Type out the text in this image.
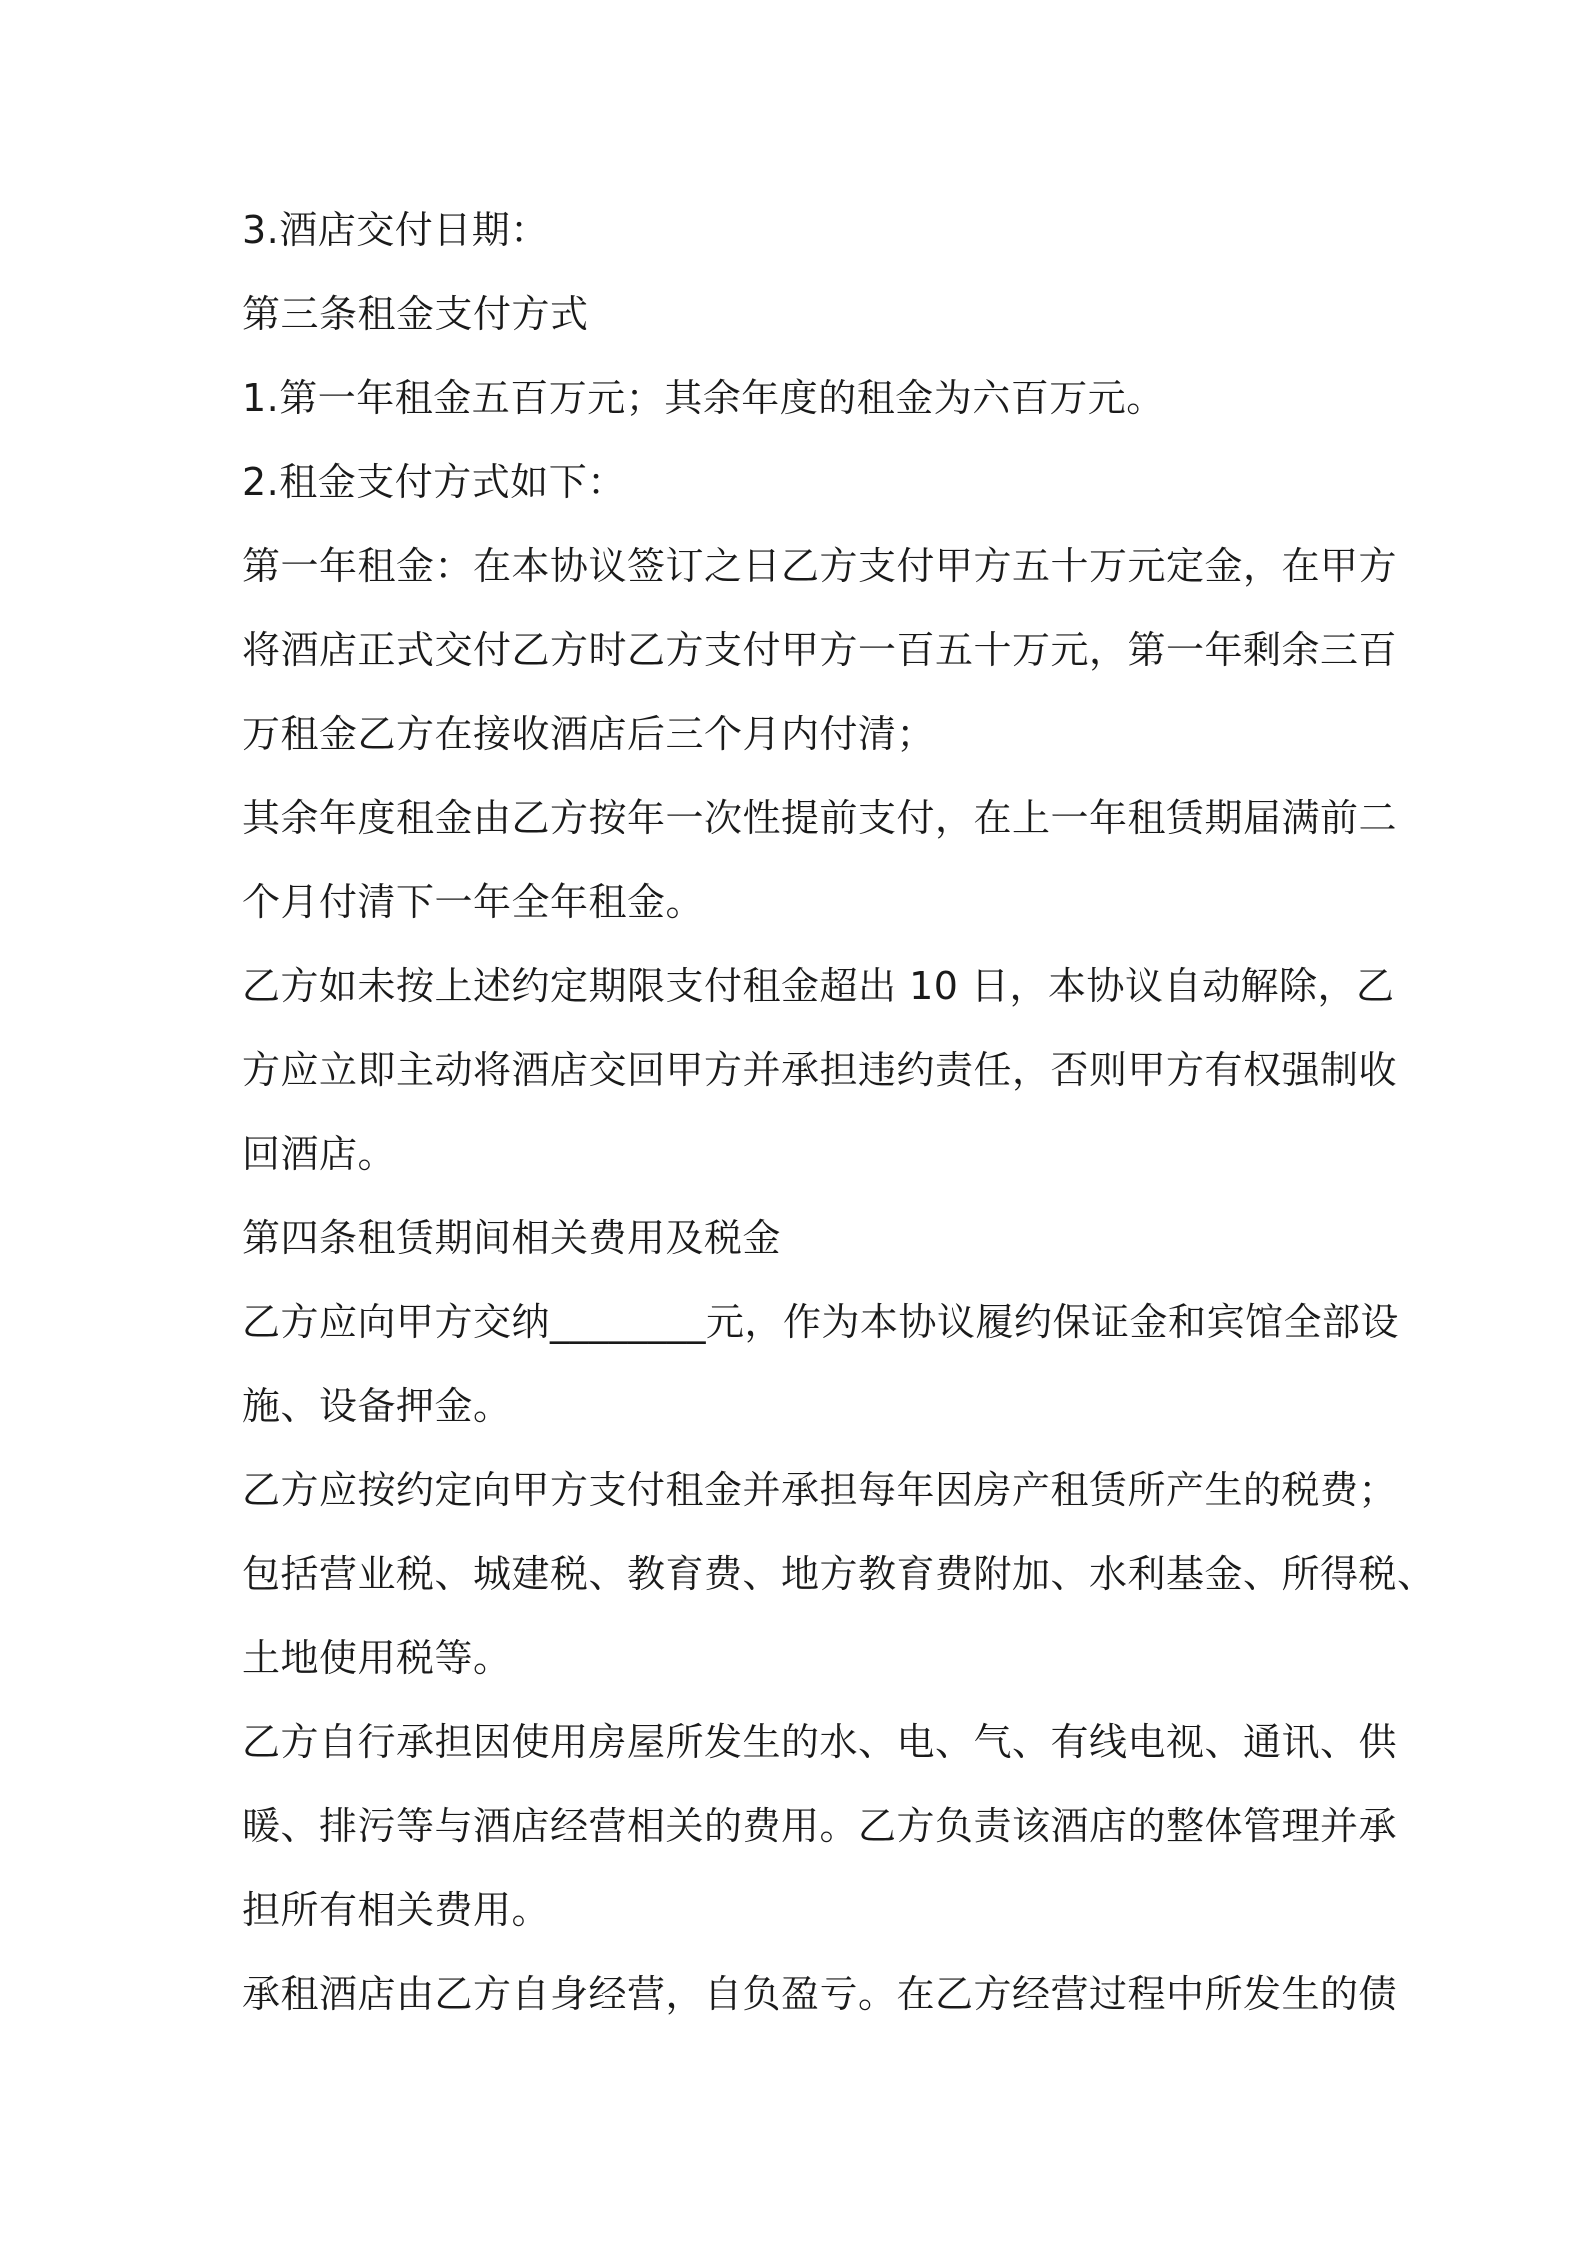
3.酒店交付日期：
第三条租金支付方式
1.第一年租金五百万元；其余年度的租金为六百万元。
2.租金支付方式如下：
第一年租金：在本协议签订之日乙方支付甲方五十万元定金，在甲方
将酒店正式交付乙方时乙方支付甲方一百五十万元，第一年剩余三百
万租金乙方在接收酒店后三个月内付清；
其余年度租金由乙方按年一次性提前支付，在上一年租赁期届满前二
个月付清下一年全年租金。
乙方如未按上述约定期限支付租金超出 10 日，本协议自动解除，乙
方应立即主动将酒店交回甲方并承担违约责任，否则甲方有权强制收
回酒店。
第四条租赁期间相关费用及税金
乙方应向甲方交纳________元，作为本协议履约保证金和宾馆全部设
施、设备押金。
乙方应按约定向甲方支付租金并承担每年因房产租赁所产生的税费；
包括营业税、城建税、教育费、地方教育费附加、水利基金、所得税、
土地使用税等。
乙方自行承担因使用房屋所发生的水、电、气、有线电视、通讯、供
暖、排污等与酒店经营相关的费用。乙方负责该酒店的整体管理并承
担所有相关费用。
承租酒店由乙方自身经营，自负盈亏。在乙方经营过程中所发生的债
